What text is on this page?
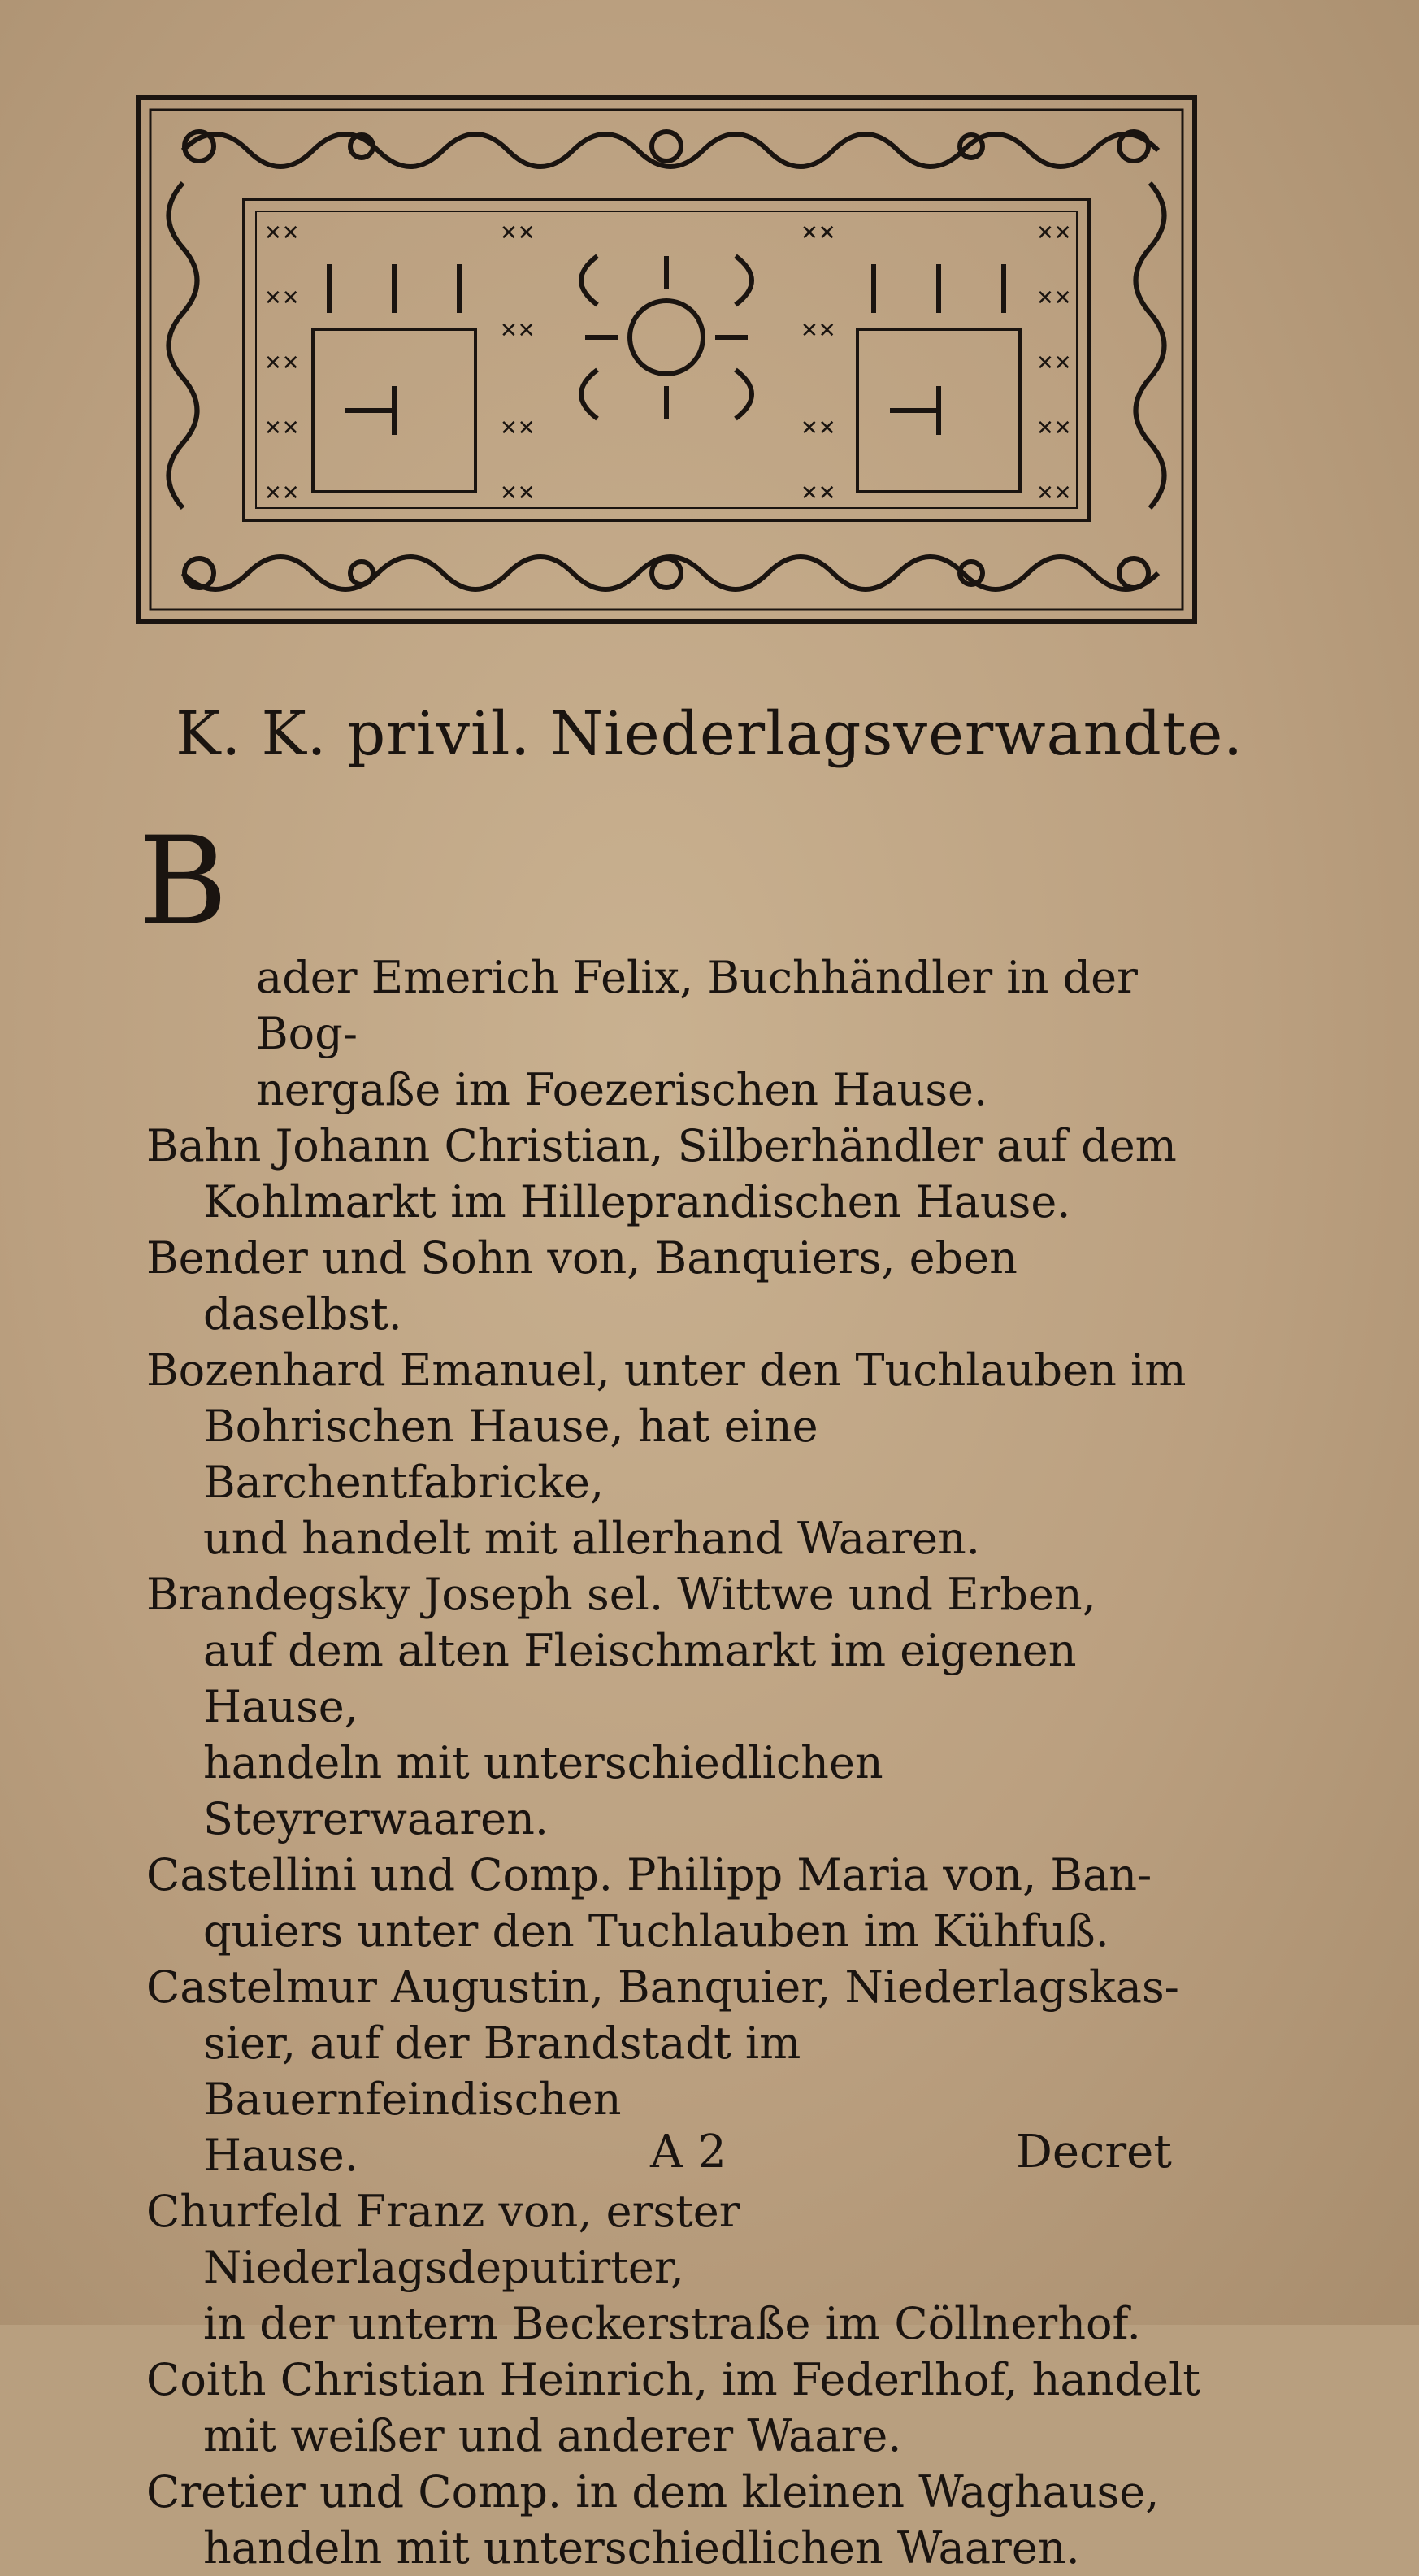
✕✕
✕✕
✕✕
✕✕
✕✕
✕✕
✕✕
✕✕
✕✕
✕✕
✕✕
✕✕
✕✕
✕✕
✕✕
✕✕
✕✕
✕✕
K. K. privil. Niederlagsverwandte.

B

ader Emerich Felix, Buchhändler in der Bog-
nergaße im Foezerischen Hause.

Bahn Johann Christian, Silberhändler auf dem
Kohlmarkt im Hilleprandischen Hause.
Bender und Sohn von, Banquiers, eben daselbst.
Bozenhard Emanuel, unter den Tuchlauben im
Bohrischen Hause, hat eine Barchentfabricke,
und handelt mit allerhand Waaren.
Brandegsky Joseph sel. Wittwe und Erben,
auf dem alten Fleischmarkt im eigenen Hause,
handeln mit unterschiedlichen Steyrerwaaren.
Castellini und Comp. Philipp Maria von, Ban-
quiers unter den Tuchlauben im Kühfuß.
Castelmur Augustin, Banquier, Niederlagskas-
sier, auf der Brandstadt im Bauernfeindischen
Hause.
Churfeld Franz von, erster Niederlagsdeputirter,
in der untern Beckerstraße im Cöllnerhof.
Coith Christian Heinrich, im Federlhof, handelt
mit weißer und anderer Waare.
Cretier und Comp. in dem kleinen Waghause,
handeln mit unterschiedlichen Waaren.
A 2	Decret
